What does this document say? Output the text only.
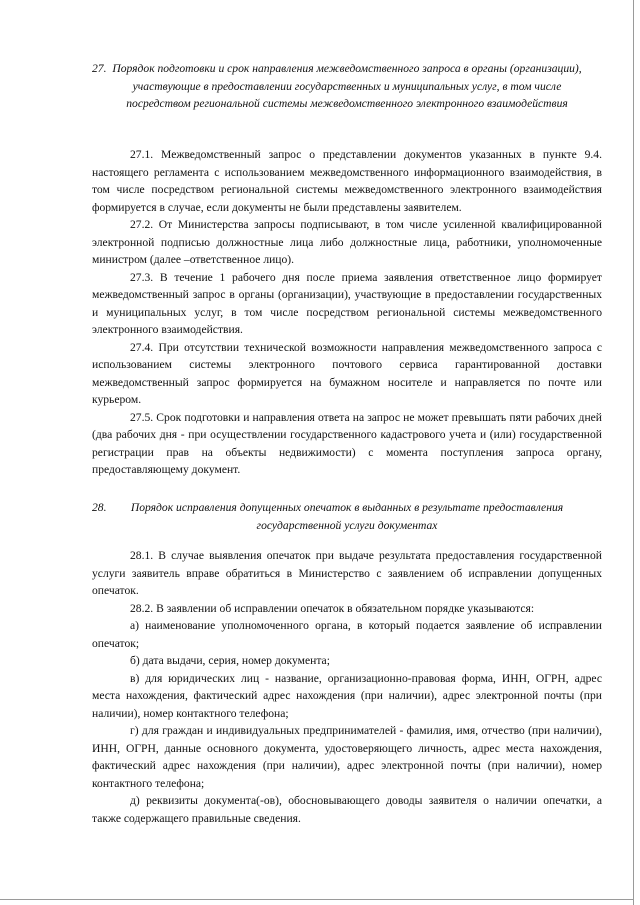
27. Порядок подготовки и срок направления межведомственного запроса в органы (организации), участвующие в предоставлении государственных и муниципальных услуг, в том числе посредством региональной системы межведомственного электронного взаимодействия

27.1. Межведомственный запрос о представлении документов указанных в пункте 9.4. настоящего регламента с использованием межведомственного информационного взаимодействия, в том числе посредством региональной системы межведомственного электронного взаимодействия формируется в случае, если документы не были представлены заявителем.

27.2. От Министерства запросы подписывают, в том числе усиленной квалифицированной электронной подписью должностные лица либо должностные лица, работники, уполномоченные министром (далее –ответственное лицо).

27.3. В течение 1 рабочего дня после приема заявления ответственное лицо формирует межведомственный запрос в органы (организации), участвующие в предоставлении государственных и муниципальных услуг, в том числе посредством региональной системы межведомственного электронного взаимодействия.

27.4. При отсутствии технической возможности направления межведомственного запроса с использованием системы электронного почтового сервиса гарантированной доставки межведомственный запрос формируется на бумажном носителе и направляется по почте или курьером.

27.5. Срок подготовки и направления ответа на запрос не может превышать пяти рабочих дней (два рабочих дня - при осуществлении государственного кадастрового учета и (или) государственной регистрации прав на объекты недвижимости) с момента поступления запроса органу, предоставляющему документ.

28.	Порядок исправления допущенных опечаток в выданных в результате предоставления государственной услуги документах

28.1. В случае выявления опечаток при выдаче результата предоставления государственной услуги заявитель вправе обратиться в Министерство с заявлением об исправлении допущенных опечаток.

28.2. В заявлении об исправлении опечаток в обязательном порядке указываются:

а) наименование уполномоченного органа, в который подается заявление об исправлении опечаток;

б) дата выдачи, серия, номер документа;

в) для юридических лиц - название, организационно-правовая форма, ИНН, ОГРН, адрес места нахождения, фактический адрес нахождения (при наличии), адрес электронной почты (при наличии), номер контактного телефона;

г) для граждан и индивидуальных предпринимателей - фамилия, имя, отчество (при наличии), ИНН, ОГРН, данные основного документа, удостоверяющего личность, адрес места нахождения, фактический адрес нахождения (при наличии), адрес электронной почты (при наличии), номер контактного телефона;

д) реквизиты документа(-ов), обосновывающего доводы заявителя о наличии опечатки, а также содержащего правильные сведения.
